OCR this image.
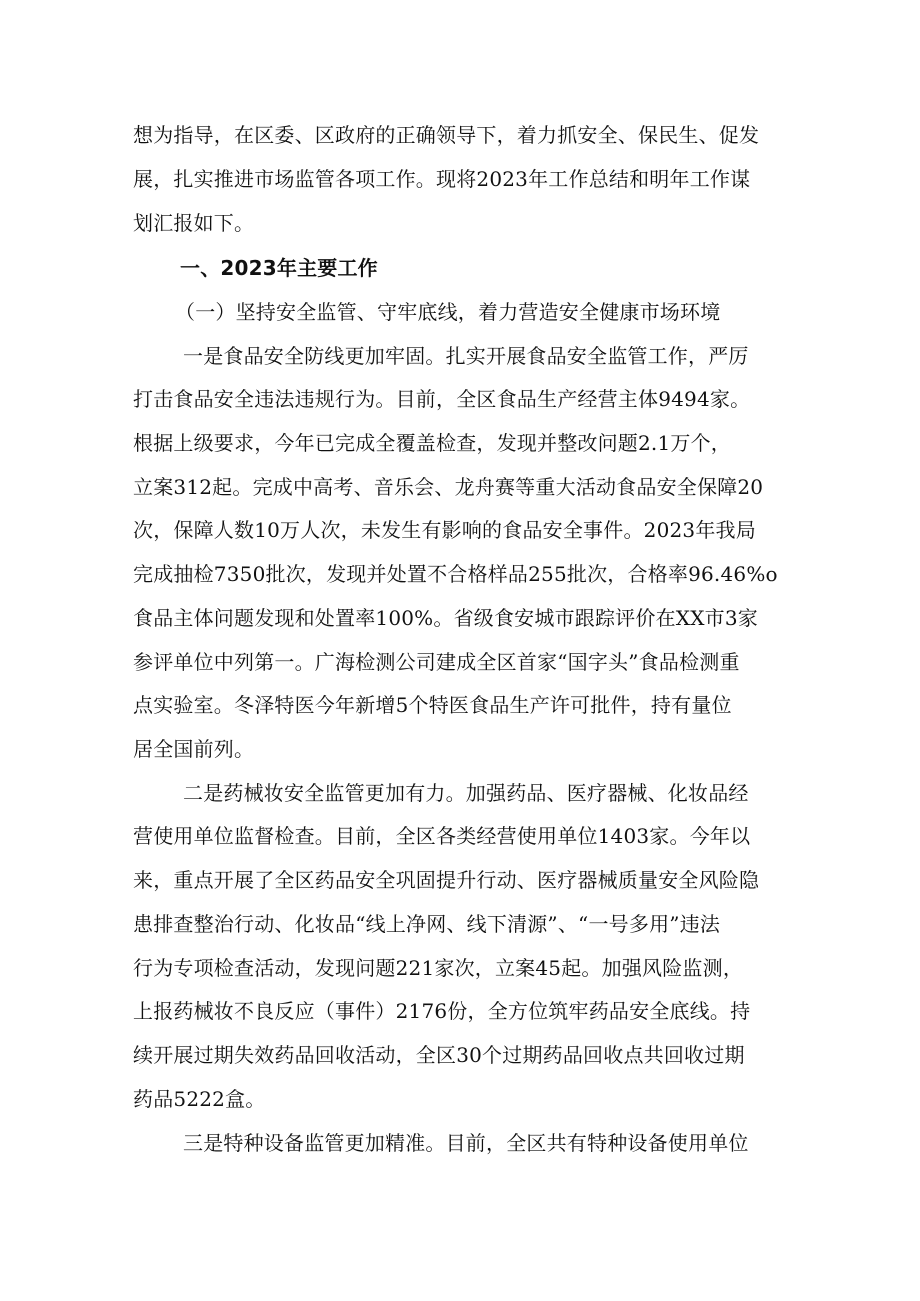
想为指导，在区委、区政府的正确领导下，着力抓安全、保民生、促发
展，扎实推进市场监管各项工作。现将2023年工作总结和明年工作谋
划汇报如下。
一、2023年主要工作
（一）坚持安全监管、守牢底线，着力营造安全健康市场环境
一是食品安全防线更加牢固。扎实开展食品安全监管工作，严厉
打击食品安全违法违规行为。目前，全区食品生产经营主体9494家。
根据上级要求，今年已完成全覆盖检查，发现并整改问题2.1万个，
立案312起。完成中高考、音乐会、龙舟赛等重大活动食品安全保障20
次，保障人数10万人次，未发生有影响的食品安全事件。2023年我局
完成抽检7350批次，发现并处置不合格样品255批次，合格率96.46%o
食品主体问题发现和处置率100%。省级食安城市跟踪评价在XX市3家
参评单位中列第一。广海检测公司建成全区首家“国字头”食品检测重
点实验室。冬泽特医今年新增5个特医食品生产许可批件，持有量位
居全国前列。
二是药械妆安全监管更加有力。加强药品、医疗器械、化妆品经
营使用单位监督检查。目前，全区各类经营使用单位1403家。今年以
来，重点开展了全区药品安全巩固提升行动、医疗器械质量安全风险隐
患排查整治行动、化妆品“线上净网、线下清源”、“一号多用”违法
行为专项检查活动，发现问题221家次，立案45起。加强风险监测，
上报药械妆不良反应（事件）2176份，全方位筑牢药品安全底线。持
续开展过期失效药品回收活动，全区30个过期药品回收点共回收过期
药品5222盒。
三是特种设备监管更加精准。目前，全区共有特种设备使用单位
